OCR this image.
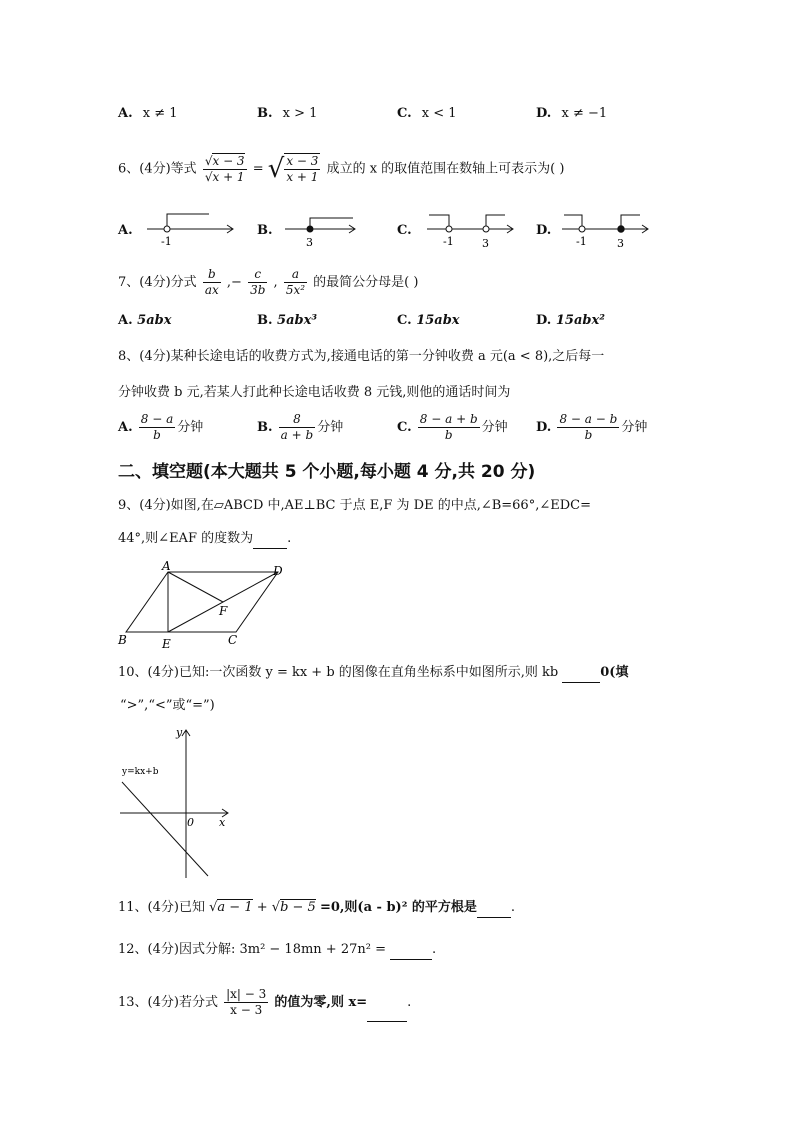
A. x ≠ 1	B. x > 1	C. x < 1	D. x ≠ −1
6、(4分)等式 $\frac{√x - 3}{√x + 1}$ = √ $\frac{x - 3}{x + 1}$ 成立的 x 的取值范围在数轴上可表示为( )
A.
-1
B.
3
C.
-1	3
D.
-1	3
7、(4分)分式 $\frac{b}{ax}$ ,− $\frac{c}{3b}$ , $\frac{a}{\text{5x²}}$ 的最简公分母是( )
A. 5abx	B. 5abx³	C. 15abx	D. 15abx²
8、(4分)某种长途电话的收费方式为,接通电话的第一分钟收费 a 元(a < 8),之后每一
分钟收费 b 元,若某人打此种长途电话收费 8 元钱,则他的通话时间为
A. $\frac{8 - a}{b}$ 分钟	B. $\frac{8}{a + b}$ 分钟	C. $\frac{8 - a + b}{b}$ 分钟 D. $\frac{8 - a - b}{b}$ 分钟
二、填空题(本大题共 5 个小题,每小题 4 分,共 20 分)
9、(4分)如图,在▱ABCD 中,AE⊥BC 于点 E,F 为 DE 的中点,∠B=66°,∠EDC=
44°,则∠EAF 的度数为	.
A
B	C
D
E
F
10、(4分)已知:一次函数 y = kx + b 的图像在直角坐标系中如图所示,则 kb	0(填
“>”,“<”或“=”)
y
x
0
y=kx+b
11、(4分)已知 √a − 1 + √b − 5 =0,则(a - b)² 的平方根是	.
12、(4分)因式分解: 3m² − 18mn + 27n² =	.
13、(4分)若分式 $\frac{|x| - 3}{x - 3}$ 的值为零,则 x=	.
